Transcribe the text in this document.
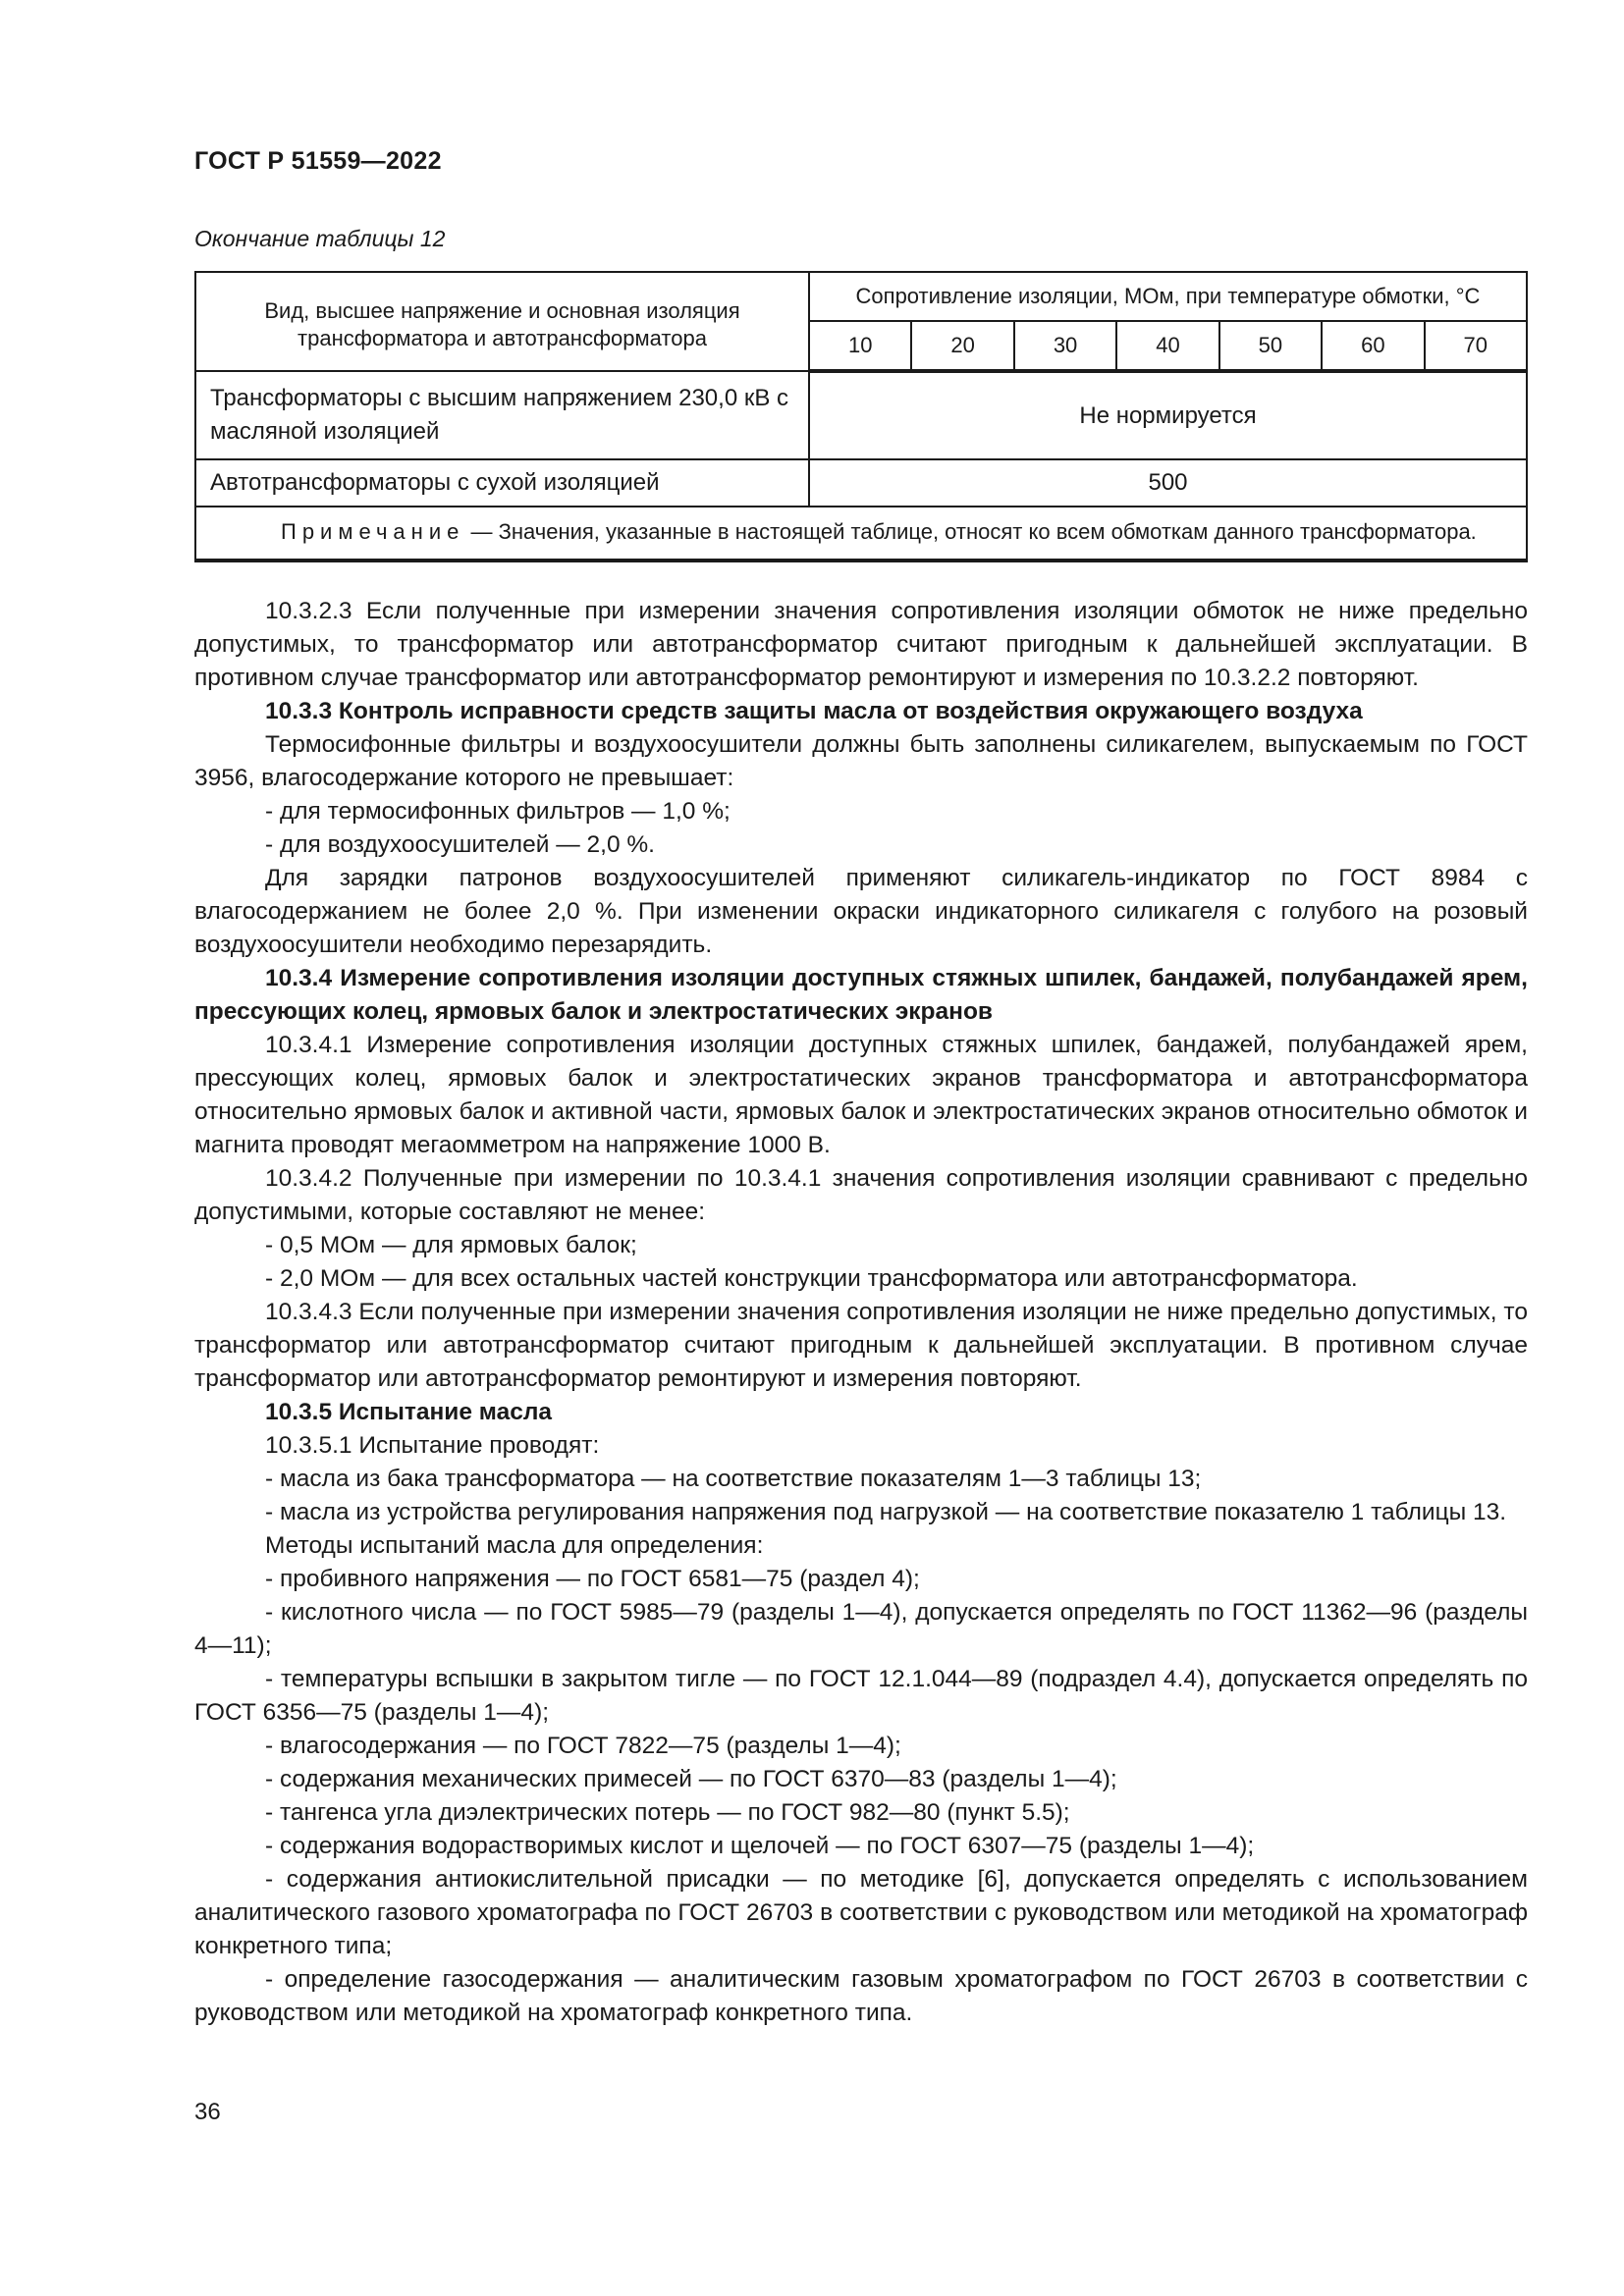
ГОСТ Р 51559—2022
Окончание таблицы 12
Вид, высшее напряжение и основная изоляция трансформатора и автотрансформатора	Сопротивление изоляции, МОм, при температуре обмотки, °С						
	10	20	30	40	50	60	70
Трансформаторы с высшим напряжением 230,0 кВ с масляной изоляцией	Не нормируется						
Автотрансформаторы с сухой изоляцией	500						
Примечание — Значения, указанные в настоящей таблице, относят ко всем обмоткам данного трансформатора.							

10.3.2.3 Если полученные при измерении значения сопротивления изоляции обмоток не ниже предельно допустимых, то трансформатор или автотрансформатор считают пригодным к дальнейшей эксплуатации. В противном случае трансформатор или автотрансформатор ремонтируют и измерения по 10.3.2.2 повторяют.

10.3.3 Контроль исправности средств защиты масла от воздействия окружающего воздуха

Термосифонные фильтры и воздухоосушители должны быть заполнены силикагелем, выпускаемым по ГОСТ 3956, влагосодержание которого не превышает:

- для термосифонных фильтров — 1,0 %;

- для воздухоосушителей — 2,0 %.

Для зарядки патронов воздухоосушителей применяют силикагель-индикатор по ГОСТ 8984 с влагосодержанием не более 2,0 %. При изменении окраски индикаторного силикагеля с голубого на розовый воздухоосушители необходимо перезарядить.

10.3.4 Измерение сопротивления изоляции доступных стяжных шпилек, бандажей, полубандажей ярем, прессующих колец, ярмовых балок и электростатических экранов

10.3.4.1 Измерение сопротивления изоляции доступных стяжных шпилек, бандажей, полубандажей ярем, прессующих колец, ярмовых балок и электростатических экранов трансформатора и автотрансформатора относительно ярмовых балок и активной части, ярмовых балок и электростатических экранов относительно обмоток и магнита проводят мегаомметром на напряжение 1000 В.

10.3.4.2 Полученные при измерении по 10.3.4.1 значения сопротивления изоляции сравнивают с предельно допустимыми, которые составляют не менее:

- 0,5 МОм — для ярмовых балок;

- 2,0 МОм — для всех остальных частей конструкции трансформатора или автотрансформатора.

10.3.4.3 Если полученные при измерении значения сопротивления изоляции не ниже предельно допустимых, то трансформатор или автотрансформатор считают пригодным к дальнейшей эксплуатации. В противном случае трансформатор или автотрансформатор ремонтируют и измерения повторяют.

10.3.5 Испытание масла

10.3.5.1 Испытание проводят:

- масла из бака трансформатора — на соответствие показателям 1—3 таблицы 13;

- масла из устройства регулирования напряжения под нагрузкой — на соответствие показателю 1 таблицы 13.

Методы испытаний масла для определения:

- пробивного напряжения — по ГОСТ 6581—75 (раздел 4);

- кислотного числа — по ГОСТ 5985—79 (разделы 1—4), допускается определять по ГОСТ 11362—96 (разделы 4—11);

- температуры вспышки в закрытом тигле — по ГОСТ 12.1.044—89 (подраздел 4.4), допускается определять по ГОСТ 6356—75 (разделы 1—4);

- влагосодержания — по ГОСТ 7822—75 (разделы 1—4);

- содержания механических примесей — по ГОСТ 6370—83 (разделы 1—4);

- тангенса угла диэлектрических потерь — по ГОСТ 982—80 (пункт 5.5);

- содержания водорастворимых кислот и щелочей — по ГОСТ 6307—75 (разделы 1—4);

- содержания антиокислительной присадки — по методике [6], допускается определять с использованием аналитического газового хроматографа по ГОСТ 26703 в соответствии с руководством или методикой на хроматограф конкретного типа;

- определение газосодержания — аналитическим газовым хроматографом по ГОСТ 26703 в соответствии с руководством или методикой на хроматограф конкретного типа.

36
